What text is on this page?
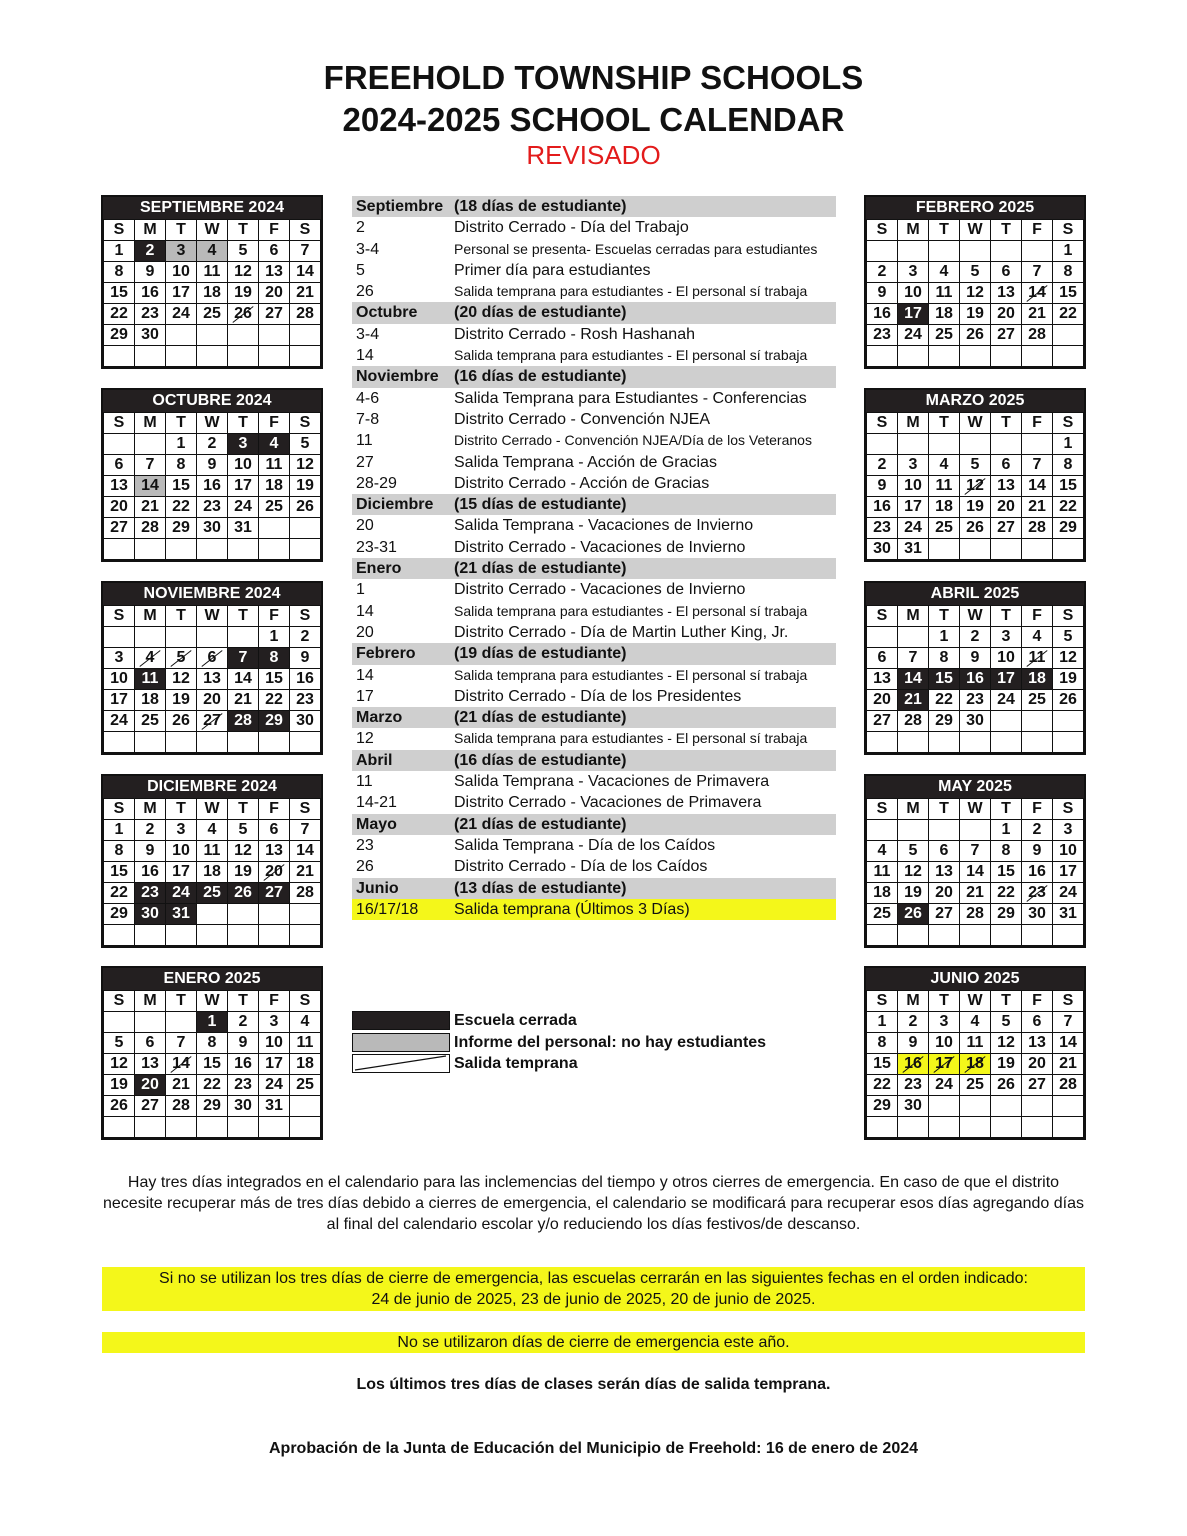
FREEHOLD TOWNSHIP SCHOOLS
2024-2025 SCHOOL CALENDAR
REVISADO
SEPTIEMBRE 2024
S	M	T	W	T	F	S
1	2	3	4	5	6	7
8	9	10	11	12	13	14
15	16	17	18	19	20	21
22	23	24	25	26	27	28
29	30					

OCTUBRE 2024
S	M	T	W	T	F	S
		1	2	3	4	5
6	7	8	9	10	11	12
13	14	15	16	17	18	19
20	21	22	23	24	25	26
27	28	29	30	31		

NOVIEMBRE 2024
S	M	T	W	T	F	S
					1	2
3	4	5	6	7	8	9
10	11	12	13	14	15	16
17	18	19	20	21	22	23
24	25	26	27	28	29	30

DICIEMBRE 2024
S	M	T	W	T	F	S
1	2	3	4	5	6	7
8	9	10	11	12	13	14
15	16	17	18	19	20	21
22	23	24	25	26	27	28
29	30	31				

ENERO 2025
S	M	T	W	T	F	S
			1	2	3	4
5	6	7	8	9	10	11
12	13	14	15	16	17	18
19	20	21	22	23	24	25
26	27	28	29	30	31	

FEBRERO 2025
S	M	T	W	T	F	S
						1
2	3	4	5	6	7	8
9	10	11	12	13	14	15
16	17	18	19	20	21	22
23	24	25	26	27	28	

MARZO 2025
S	M	T	W	T	F	S
						1
2	3	4	5	6	7	8
9	10	11	12	13	14	15
16	17	18	19	20	21	22
23	24	25	26	27	28	29
30	31					
ABRIL 2025
S	M	T	W	T	F	S
		1	2	3	4	5
6	7	8	9	10	11	12
13	14	15	16	17	18	19
20	21	22	23	24	25	26
27	28	29	30			

MAY 2025
S	M	T	W	T	F	S
				1	2	3
4	5	6	7	8	9	10
11	12	13	14	15	16	17
18	19	20	21	22	23	24
25	26	27	28	29	30	31

JUNIO 2025
S	M	T	W	T	F	S
1	2	3	4	5	6	7
8	9	10	11	12	13	14
15	16	17	18	19	20	21
22	23	24	25	26	27	28
29	30					

Septiembre (18 días de estudiante)
2	Distrito Cerrado - Día del Trabajo
3-4	Personal se presenta- Escuelas cerradas para estudiantes
5	Primer día para estudiantes
26	Salida temprana para estudiantes - El personal sí trabaja
Octubre (20 días de estudiante)
3-4	Distrito Cerrado - Rosh Hashanah
14	Salida temprana para estudiantes - El personal sí trabaja
Noviembre (16 días de estudiante)
4-6	Salida Temprana para Estudiantes - Conferencias
7-8	Distrito Cerrado - Convención NJEA
11	Distrito Cerrado - Convención NJEA/Día de los Veteranos
27	Salida Temprana - Acción de Gracias
28-29	Distrito Cerrado - Acción de Gracias
Diciembre (15 días de estudiante)
20	Salida Temprana - Vacaciones de Invierno
23-31	Distrito Cerrado - Vacaciones de Invierno
Enero	(21 días de estudiante)
1	Distrito Cerrado - Vacaciones de Invierno
14	Salida temprana para estudiantes - El personal sí trabaja
20	Distrito Cerrado - Día de Martin Luther King, Jr.
Febrero (19 días de estudiante)
14	Salida temprana para estudiantes - El personal sí trabaja
17	Distrito Cerrado - Día de los Presidentes
Marzo	(21 días de estudiante)
12	Salida temprana para estudiantes - El personal sí trabaja
Abril	(16 días de estudiante)
11	Salida Temprana - Vacaciones de Primavera
14-21	Distrito Cerrado - Vacaciones de Primavera
Mayo	(21 días de estudiante)
23	Salida Temprana - Día de los Caídos
26	Distrito Cerrado - Día de los Caídos
Junio	(13 días de estudiante)
16/17/18 Salida temprana (Últimos 3 Días)
Escuela cerrada
Informe del personal: no hay estudiantes
Salida temprana
Hay tres días integrados en el calendario para las inclemencias del tiempo y otros cierres de emergencia. En caso de que el distrito necesite recuperar más de tres días debido a cierres de emergencia, el calendario se modificará para recuperar esos días agregando días al final del calendario escolar y/o reduciendo los días festivos/de descanso.
Si no se utilizan los tres días de cierre de emergencia, las escuelas cerrarán en las siguientes fechas en el orden indicado:
24 de junio de 2025, 23 de junio de 2025, 20 de junio de 2025.
No se utilizaron días de cierre de emergencia este año.
Los últimos tres días de clases serán días de salida temprana.
Aprobación de la Junta de Educación del Municipio de Freehold: 16 de enero de 2024
